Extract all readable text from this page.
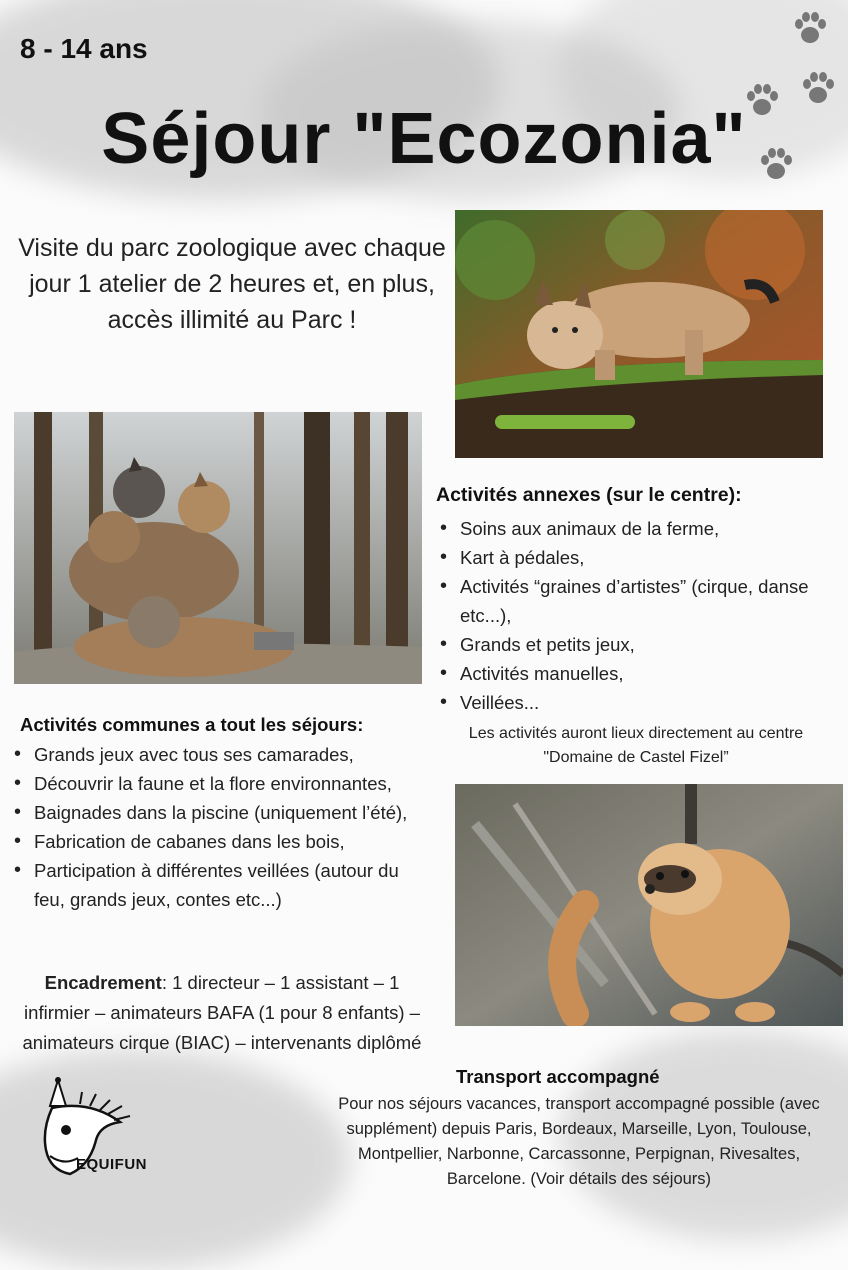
8 - 14 ans
Séjour "Ecozonia"
Visite du parc zoologique avec chaque jour 1 atelier de 2 heures et, en plus, accès illimité au Parc !
Activités annexes (sur le centre):
• Soins aux animaux de la ferme,
• Kart à pédales,
• Activités “graines d’artistes” (cirque, danse etc...),
• Grands et petits jeux,
• Activités manuelles,
• Veillées...
Les activités auront lieux directement au centre
"Domaine de Castel Fizel”
Activités communes a tout les séjours:
• Grands jeux avec tous ses camarades,
• Découvrir la faune et la flore environnantes,
• Baignades dans la piscine (uniquement l’été),
• Fabrication de cabanes dans les bois,
• Participation à différentes veillées (autour du feu, grands jeux, contes etc...)
Encadrement: 1 directeur – 1 assistant – 1 infirmier – animateurs BAFA (1 pour 8 enfants) – animateurs cirque (BIAC) – intervenants diplômé
Transport accompagné
Pour nos séjours vacances, transport accompagné possible (avec supplément) depuis Paris, Bordeaux, Marseille, Lyon, Toulouse, Montpellier, Narbonne, Carcassonne, Perpignan, Rivesaltes, Barcelone. (Voir détails des séjours)
EQUIFUN
